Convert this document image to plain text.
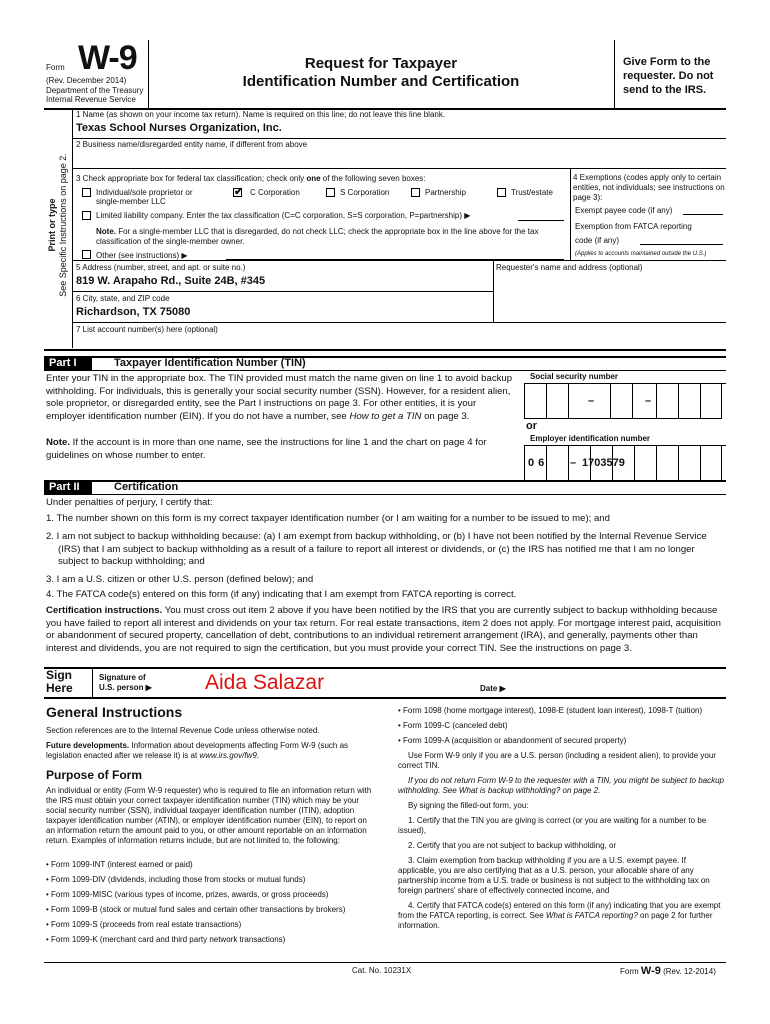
Form W-9
(Rev. December 2014)
Department of the Treasury
Internal Revenue Service
Request for Taxpayer
Identification Number and Certification
Give Form to the requester. Do not send to the IRS.
Print or type
See Specific Instructions on page 2.
1 Name (as shown on your income tax return). Name is required on this line; do not leave this line blank.
Texas School Nurses Organization, Inc.
2 Business name/disregarded entity name, if different from above
3 Check appropriate box for federal tax classification; check only one of the following seven boxes:
Individual/sole proprietor or
single-member LLC
✔
C Corporation	S Corporation	Partnership	Trust/estate
Limited liability company. Enter the tax classification (C=C corporation, S=S corporation, P=partnership) ▶
Note. For a single-member LLC that is disregarded, do not check LLC; check the appropriate box in the line above for the tax classification of the single-member owner.
Other (see instructions) ▶
4 Exemptions (codes apply only to certain entities, not individuals; see instructions on page 3):
Exempt payee code (if any)
Exemption from FATCA reporting
code (if any)
(Applies to accounts maintained outside the U.S.)
5 Address (number, street, and apt. or suite no.)
819 W. Arapaho Rd., Suite 24B, #345
Requester's name and address (optional)
6 City, state, and ZIP code
Richardson, TX 75080
7 List account number(s) here (optional)
Part I	Taxpayer Identification Number (TIN)
Enter your TIN in the appropriate box. The TIN provided must match the name given on line 1 to avoid backup withholding. For individuals, this is generally your social security number (SSN). However, for a resident alien, sole proprietor, or disregarded entity, see the Part I instructions on page 3. For other entities, it is your employer identification number (EIN). If you do not have a number, see How to get a TIN on page 3.
Note. If the account is in more than one name, see the instructions for line 1 and the chart on page 4 for guidelines on whose number to enter.
Social security number
–	–
or
Employer identification number
06 – 1703579
Part II	Certification
Under penalties of perjury, I certify that:
1. The number shown on this form is my correct taxpayer identification number (or I am waiting for a number to be issued to me); and
2. I am not subject to backup withholding because: (a) I am exempt from backup withholding, or (b) I have not been notified by the Internal Revenue Service (IRS) that I am subject to backup withholding as a result of a failure to report all interest or dividends, or (c) the IRS has notified me that I am no longer subject to backup withholding; and
3. I am a U.S. citizen or other U.S. person (defined below); and
4. The FATCA code(s) entered on this form (if any) indicating that I am exempt from FATCA reporting is correct.
Certification instructions. You must cross out item 2 above if you have been notified by the IRS that you are currently subject to backup withholding because you have failed to report all interest and dividends on your tax return. For real estate transactions, item 2 does not apply. For mortgage interest paid, acquisition or abandonment of secured property, cancellation of debt, contributions to an individual retirement arrangement (IRA), and generally, payments other than interest and dividends, you are not required to sign the certification, but you must provide your correct TIN. See the instructions on page 3.
Sign
Here
Signature of
U.S. person ▶	Aida Salazar	Date ▶
General Instructions
Section references are to the Internal Revenue Code unless otherwise noted.
Future developments. Information about developments affecting Form W-9 (such as legislation enacted after we release it) is at www.irs.gov/fw9.
Purpose of Form
An individual or entity (Form W-9 requester) who is required to file an information return with the IRS must obtain your correct taxpayer identification number (TIN) which may be your social security number (SSN), individual taxpayer identification number (ITIN), adoption taxpayer identification number (ATIN), or employer identification number (EIN), to report on an information return the amount paid to you, or other amount reportable on an information return. Examples of information returns include, but are not limited to, the following:
• Form 1099-INT (interest earned or paid)
• Form 1099-DIV (dividends, including those from stocks or mutual funds)
• Form 1099-MISC (various types of income, prizes, awards, or gross proceeds)
• Form 1099-B (stock or mutual fund sales and certain other transactions by brokers)
• Form 1099-S (proceeds from real estate transactions)
• Form 1099-K (merchant card and third party network transactions)
• Form 1098 (home mortgage interest), 1098-E (student loan interest), 1098-T (tuition)
• Form 1099-C (canceled debt)
• Form 1099-A (acquisition or abandonment of secured property)
Use Form W-9 only if you are a U.S. person (including a resident alien), to provide your correct TIN.
If you do not return Form W-9 to the requester with a TIN, you might be subject to backup withholding. See What is backup withholding? on page 2.
By signing the filled-out form, you:
1. Certify that the TIN you are giving is correct (or you are waiting for a number to be issued),
2. Certify that you are not subject to backup withholding, or
3. Claim exemption from backup withholding if you are a U.S. exempt payee. If applicable, you are also certifying that as a U.S. person, your allocable share of any partnership income from a U.S. trade or business is not subject to the withholding tax on foreign partners' share of effectively connected income, and
4. Certify that FATCA code(s) entered on this form (if any) indicating that you are exempt from the FATCA reporting, is correct. See What is FATCA reporting? on page 2 for further information.
Cat. No. 10231X	Form W-9 (Rev. 12-2014)
